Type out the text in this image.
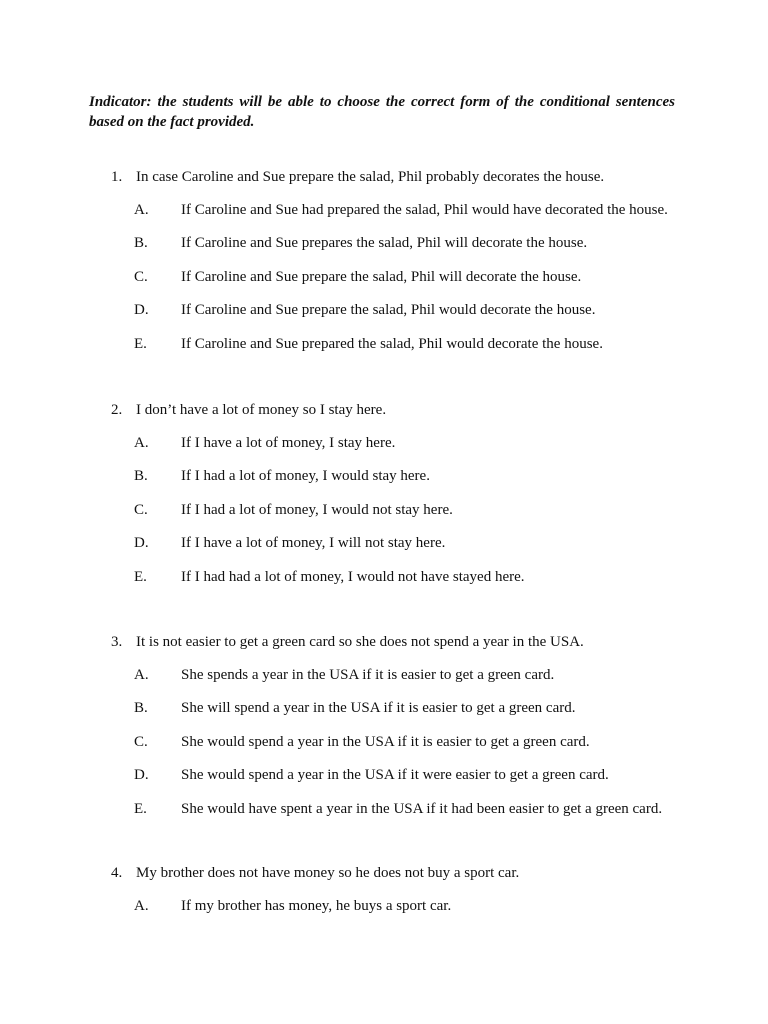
Indicator: the students will be able to choose the correct form of the conditional sentences based on the fact provided.
1. In case Caroline and Sue prepare the salad, Phil probably decorates the house.
A. If Caroline and Sue had prepared the salad, Phil would have decorated the house.
B. If Caroline and Sue prepares the salad, Phil will decorate the house.
C. If Caroline and Sue prepare the salad, Phil will decorate the house.
D. If Caroline and Sue prepare the salad, Phil would decorate the house.
E. If Caroline and Sue prepared the salad, Phil would decorate the house.
2. I don’t have a lot of money so I stay here.
A. If I have a lot of money, I stay here.
B. If I had a lot of money, I would stay here.
C. If I had a lot of money, I would not stay here.
D. If I have a lot of money, I will not stay here.
E. If I had had a lot of money, I would not have stayed here.
3. It is not easier to get a green card so she does not spend a year in the USA.
A. She spends a year in the USA if it is easier to get a green card.
B. She will spend a year in the USA if it is easier to get a green card.
C. She would spend a year in the USA if it is easier to get a green card.
D. She would spend a year in the USA if it were easier to get a green card.
E. She would have spent a year in the USA if it had been easier to get a green card.
4. My brother does not have money so he does not buy a sport car.
A. If my brother has money, he buys a sport car.
